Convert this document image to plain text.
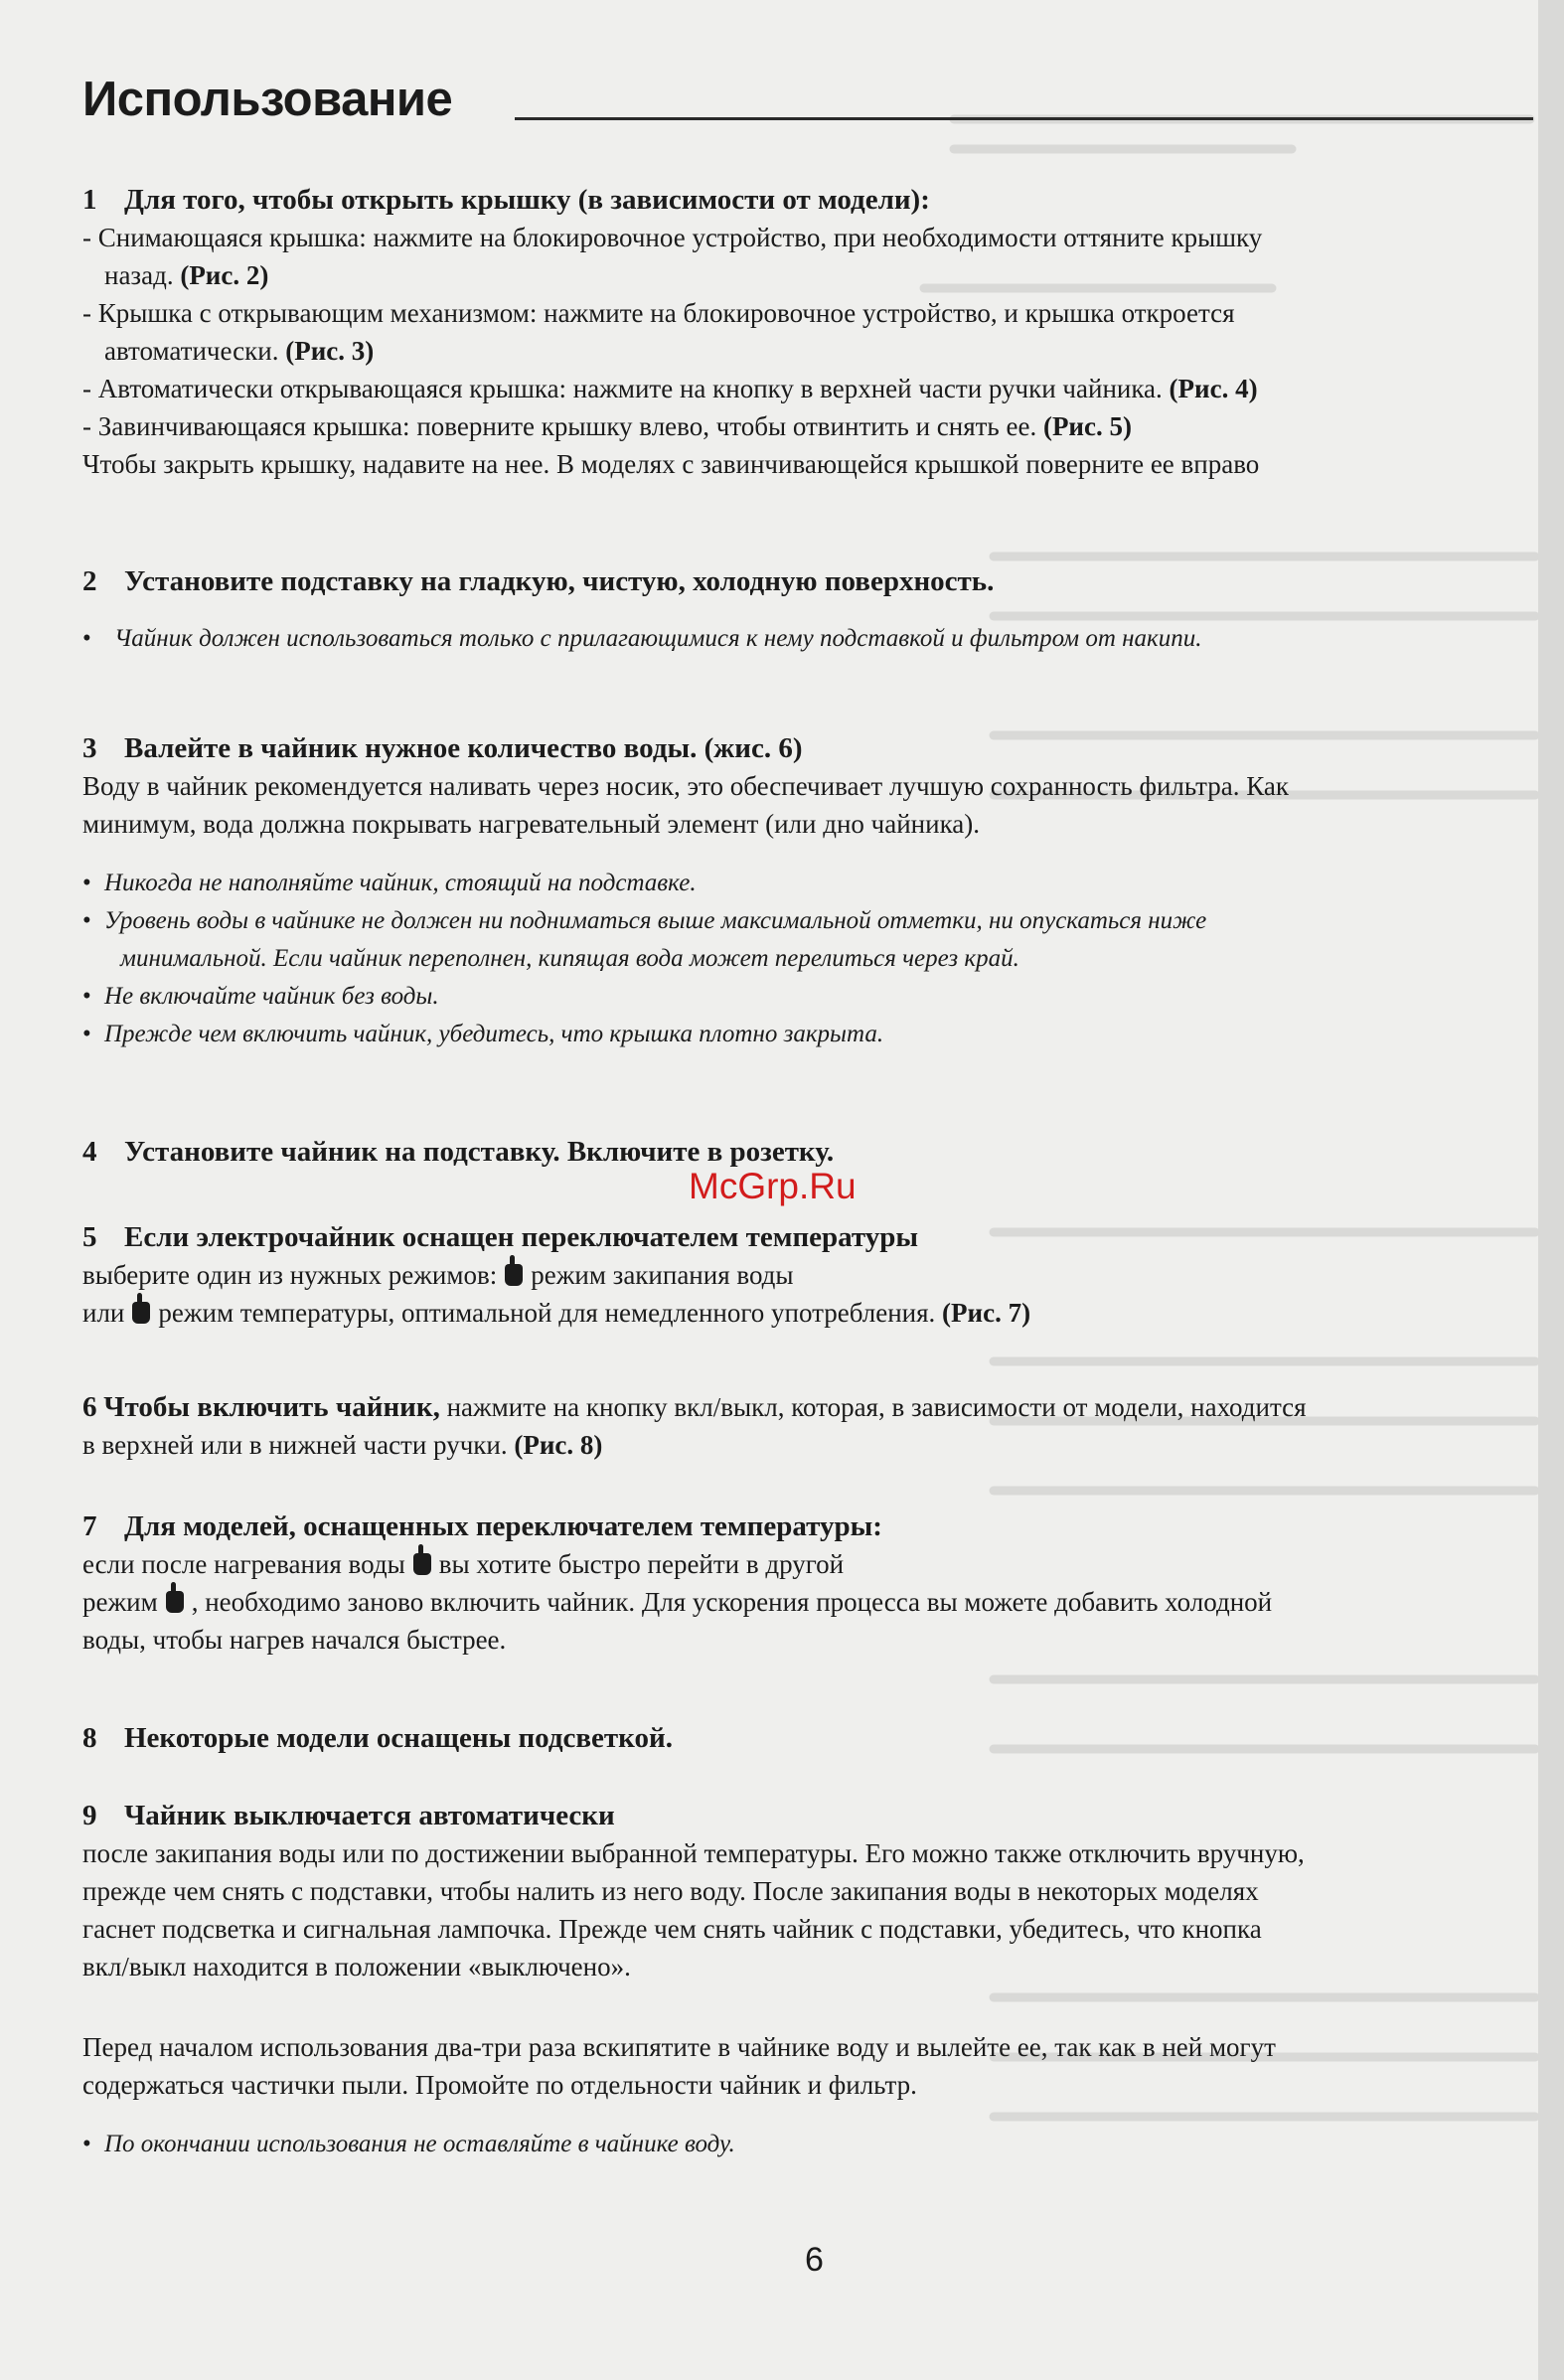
Использование
1 Для того, чтобы открыть крышку (в зависимости от модели):
- Снимающаяся крышка: нажмите на блокировочное устройство, при необходимости оттяните крышку
назад. (Рис. 2)
- Крышка с открывающим механизмом: нажмите на блокировочное устройство, и крышка откроется
автоматически. (Рис. 3)
- Автоматически открывающаяся крышка: нажмите на кнопку в верхней части ручки чайника. (Рис. 4)
- Завинчивающаяся крышка: поверните крышку влево, чтобы отвинтить и снять ее. (Рис. 5)
Чтобы закрыть крышку, надавите на нее. В моделях с завинчивающейся крышкой поверните ее вправо
2 Установите подставку на гладкую, чистую, холодную поверхность.
• Чайник должен использоваться только с прилагающимися к нему подставкой и фильтром от накипи.
3 Валейте в чайник нужное количество воды. (жис. 6)
Воду в чайник рекомендуется наливать через носик, это обеспечивает лучшую сохранность фильтра. Как
минимум, вода должна покрывать нагревательный элемент (или дно чайника).
• Никогда не наполняйте чайник, стоящий на подставке.
• Уровень воды в чайнике не должен ни подниматься выше максимальной отметки, ни опускаться ниже
минимальной. Если чайник переполнен, кипящая вода может перелиться через край.
• Не включайте чайник без воды.
• Прежде чем включить чайник, убедитесь, что крышка плотно закрыта.
4 Установите чайник на подставку. Включите в розетку.
McGrp.Ru
5 Если электрочайник оснащен переключателем температуры
выберите один из нужных режимов: режим закипания воды
или режим температуры, оптимальной для немедленного употребления. (Рис. 7)
6 Чтобы включить чайник, нажмите на кнопку вкл/выкл, которая, в зависимости от модели, находится
в верхней или в нижней части ручки. (Рис. 8)
7 Для моделей, оснащенных переключателем температуры:
если после нагревания воды вы хотите быстро перейти в другой
режим , необходимо заново включить чайник. Для ускорения процесса вы можете добавить холодной
воды, чтобы нагрев начался быстрее.
8 Некоторые модели оснащены подсветкой.
9 Чайник выключается автоматически
после закипания воды или по достижении выбранной температуры. Его можно также отключить вручную,
прежде чем снять с подставки, чтобы налить из него воду. После закипания воды в некоторых моделях
гаснет подсветка и сигнальная лампочка. Прежде чем снять чайник с подставки, убедитесь, что кнопка
вкл/выкл находится в положении «выключено».
Перед началом использования два-три раза вскипятите в чайнике воду и вылейте ее, так как в ней могут
содержаться частички пыли. Промойте по отдельности чайник и фильтр.
• По окончании использования не оставляйте в чайнике воду.
6
